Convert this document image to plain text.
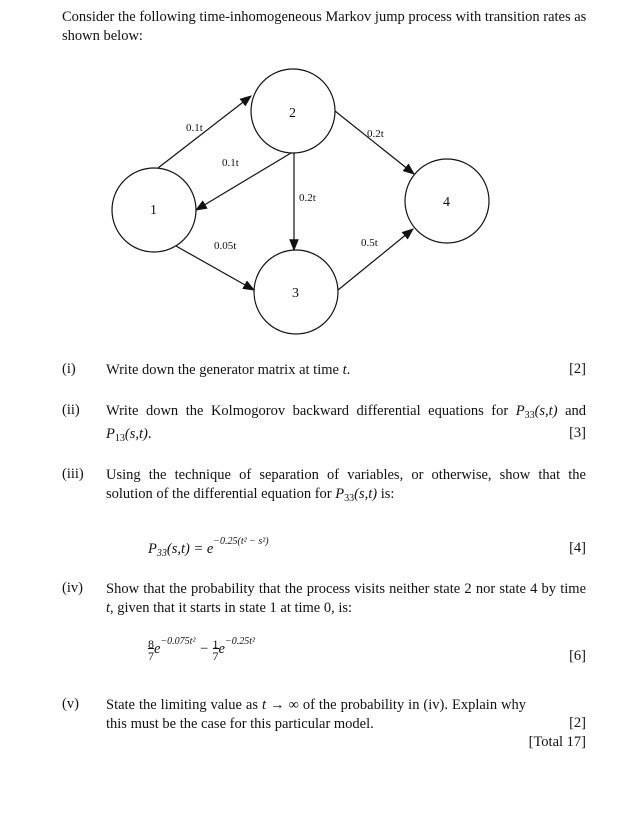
Consider the following time-inhomogeneous Markov jump process with transition rates as shown below:
1
2
3
4
0.1t
0.1t
0.2t
0.2t
0.05t	0.5t
(i) Write down the generator matrix at time t.	[2]
(ii) Write down the Kolmogorov backward differential equations for $P_{33}(s,t)$ and $P_{13}(s,t)$.	[3]
(iii) Using the technique of separation of variables, or otherwise, show that the solution of the differential equation for $P_{33}(s,t)$ is:
$P_{33}(s,t) = e^{-0.25(t^2 - s^2)}$	[4]
(iv) Show that the probability that the process visits neither state 2 nor state 4 by time t, given that it starts in state 1 at time 0, is:
$\frac{8}{7}e^{-0.075t^2} - \frac{1}{7}e^{-0.25t^2}$
[6]
(v) State the limiting value as t → ∞ of the probability in (iv). Explain why this must be the case for this particular model.	[2]
[Total 17]
